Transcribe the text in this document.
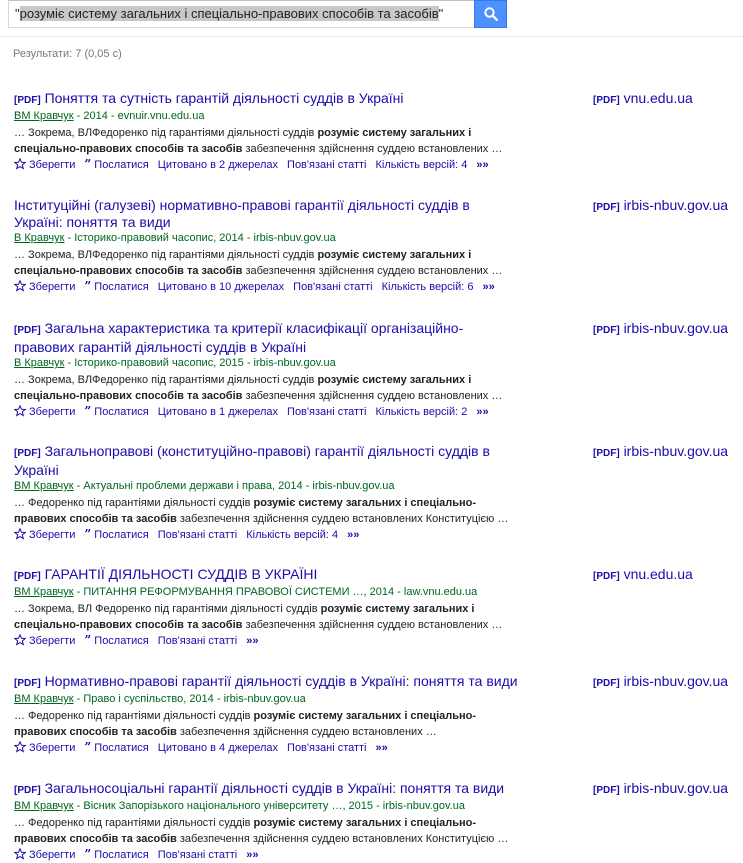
"розуміє систему загальних і спеціально-правових способів та засобів"
Результати: 7 (0,05 с)
[PDF] Поняття та сутність гарантій діяльності суддів в Україні	[PDF] vnu.edu.ua
ВМ Кравчук - 2014 - evnuir.vnu.edu.ua
… Зокрема, ВЛФедоренко під гарантіями діяльності суддів розуміє систему загальних і спеціально-правових способів та засобів забезпечення здійснення суддею встановлених …
Зберегти ” Послатися Цитовано в 2 джерелах Пов'язані статті Кількість версій: 4 »»
Інституційні (галузеві) нормативно-правові гарантії діяльності суддів в Україні: поняття та види
[PDF] irbis-nbuv.gov.ua
В Кравчук - Історико-правовий часопис, 2014 - irbis-nbuv.gov.ua
… Зокрема, ВЛФедоренко під гарантіями діяльності суддів розуміє систему загальних і спеціально-правових способів та засобів забезпечення здійснення суддею встановлених …
Зберегти ” Послатися Цитовано в 10 джерелах Пов'язані статті Кількість версій: 6 »»
[PDF] Загальна характеристика та критерії класифікації організаційно-правових гарантій діяльності суддів в Україні
[PDF] irbis-nbuv.gov.ua
В Кравчук - Історико-правовий часопис, 2015 - irbis-nbuv.gov.ua
… Зокрема, ВЛФедоренко під гарантіями діяльності суддів розуміє систему загальних і спеціально-правових способів та засобів забезпечення здійснення суддею встановлених …
Зберегти ” Послатися Цитовано в 1 джерелах Пов'язані статті Кількість версій: 2 »»
[PDF] Загальноправові (конституційно-правові) гарантії діяльності суддів в Україні
[PDF] irbis-nbuv.gov.ua
ВМ Кравчук - Актуальні проблеми держави і права, 2014 - irbis-nbuv.gov.ua
… Федоренко під гарантіями діяльності суддів розуміє систему загальних і спеціально-правових способів та засобів забезпечення здійснення суддею встановлених Конституцією …
Зберегти ” Послатися Пов'язані статті Кількість версій: 4 »»
[PDF] ГАРАНТІЇ ДІЯЛЬНОСТІ СУДДІВ В УКРАЇНІ	[PDF] vnu.edu.ua
ВМ Кравчук - ПИТАННЯ РЕФОРМУВАННЯ ПРАВОВОЇ СИСТЕМИ …, 2014 - law.vnu.edu.ua
… Зокрема, ВЛ Федоренко під гарантіями діяльності суддів розуміє систему загальних і спеціально-правових способів та засобів забезпечення здійснення суддею встановлених …
Зберегти ” Послатися Пов'язані статті »»
[PDF] Нормативно-правові гарантії діяльності суддів в Україні: поняття та види	[PDF] irbis-nbuv.gov.ua
ВМ Кравчук - Право і суспільство, 2014 - irbis-nbuv.gov.ua
… Федоренко під гарантіями діяльності суддів розуміє систему загальних і спеціально-правових способів та засобів забезпечення здійснення суддею встановлених …
Зберегти ” Послатися Цитовано в 4 джерелах Пов'язані статті »»
[PDF] Загальносоціальні гарантії діяльності суддів в Україні: поняття та види	[PDF] irbis-nbuv.gov.ua
ВМ Кравчук - Вісник Запорізького національного університету …, 2015 - irbis-nbuv.gov.ua
… Федоренко під гарантіями діяльності суддів розуміє систему загальних і спеціально-правових способів та засобів забезпечення здійснення суддею встановлених Конституцією …
Зберегти ” Послатися Пов'язані статті »»
